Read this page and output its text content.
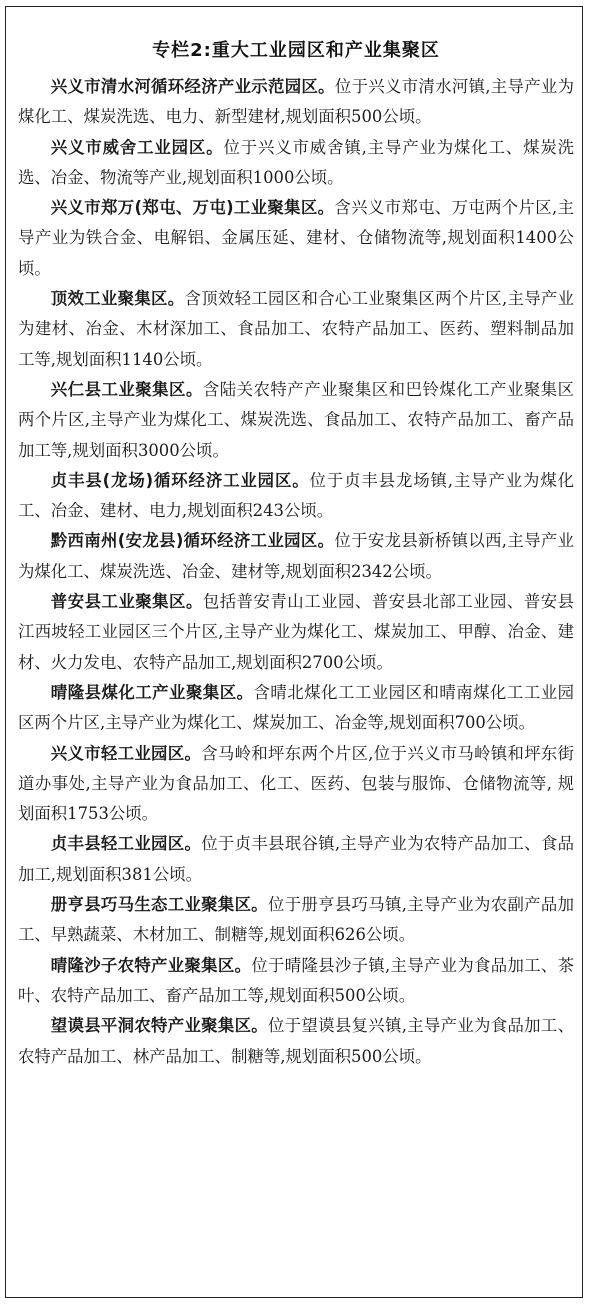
专栏2:重大工业园区和产业集聚区

兴义市清水河循环经济产业示范园区。位于兴义市清水河镇,主导产业为煤化工、煤炭洗选、电力、新型建材,规划面积500公顷。

兴义市威舍工业园区。位于兴义市威舍镇,主导产业为煤化工、煤炭洗选、冶金、物流等产业,规划面积1000公顷。

兴义市郑万(郑屯、万屯)工业聚集区。含兴义市郑屯、万屯两个片区,主导产业为铁合金、电解铝、金属压延、建材、仓储物流等,规划面积1400公顷。

顶效工业聚集区。含顶效轻工园区和合心工业聚集区两个片区,主导产业为建材、冶金、木材深加工、食品加工、农特产品加工、医药、塑料制品加工等,规划面积1140公顷。

兴仁县工业聚集区。含陆关农特产产业聚集区和巴铃煤化工产业聚集区两个片区,主导产业为煤化工、煤炭洗选、食品加工、农特产品加工、畜产品加工等,规划面积3000公顷。

贞丰县(龙场)循环经济工业园区。位于贞丰县龙场镇,主导产业为煤化工、冶金、建材、电力,规划面积243公顷。

黔西南州(安龙县)循环经济工业园区。位于安龙县新桥镇以西,主导产业为煤化工、煤炭洗选、冶金、建材等,规划面积2342公顷。

普安县工业聚集区。包括普安青山工业园、普安县北部工业园、普安县江西坡轻工业园区三个片区,主导产业为煤化工、煤炭加工、甲醇、冶金、建材、火力发电、农特产品加工,规划面积2700公顷。

晴隆县煤化工产业聚集区。含晴北煤化工工业园区和晴南煤化工工业园区两个片区,主导产业为煤化工、煤炭加工、冶金等,规划面积700公顷。

兴义市轻工业园区。含马岭和坪东两个片区,位于兴义市马岭镇和坪东街道办事处,主导产业为食品加工、化工、医药、包装与服饰、仓储物流等, 规划面积1753公顷。

贞丰县轻工业园区。位于贞丰县珉谷镇,主导产业为农特产品加工、食品加工,规划面积381公顷。

册亨县巧马生态工业聚集区。位于册亨县巧马镇,主导产业为农副产品加工、早熟蔬菜、木材加工、制糖等,规划面积626公顷。

晴隆沙子农特产业聚集区。位于晴隆县沙子镇,主导产业为食品加工、茶叶、农特产品加工、畜产品加工等,规划面积500公顷。

望谟县平洞农特产业聚集区。位于望谟县复兴镇,主导产业为食品加工、农特产品加工、林产品加工、制糖等,规划面积500公顷。
